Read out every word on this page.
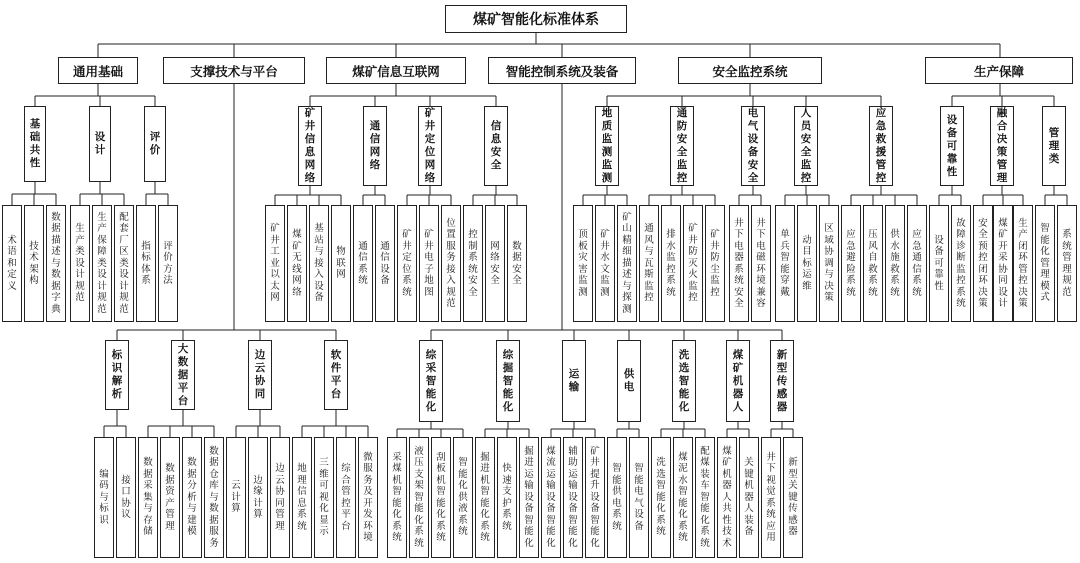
煤矿智能化标准体系
通用基础	支撑技术与平台	煤矿信息互联网	智能控制系统及装备	安全监控系统	生产保障
基础共性
设计
评价
矿井信息网络
通信网络
矿井定位网络
信息安全
地质监测监测
通防安全监控
电气设备安全
人员安全监控
应急救援管控
设备可靠性
融合决策管理
管理类
标识解析
大数据平台
边云协同
软件平台
综采智能化
综掘智能化
运输
供电
洗选智能化
煤矿机器人
新型传感器
术语和定义
技术架构
数据描述与数据字典
生产类设计规范
生产保障类设计规范
配套厂区类设计规范
指标体系
评价方法
矿井工业以太网
煤矿无线网络
基站与接入设备
物联网
通信系统
通信设备
矿井定位系统
矿井电子地图
位置服务接入规范
控制系统安全
网络安全
数据安全
顶板灾害监测
矿井水文监测
矿山精细描述与探测
通风与瓦斯监控
排水监控系统
矿井防灭火监控
矿井防尘监控
井下电器系统安全
井下电磁环境兼容
单兵智能穿戴
动目标运维
区域协调与决策
应急避险系统
压风自救系统
供水施救系统
应急通信系统
设备可靠性
故障诊断监控系统
安全预控闭环决策
煤矿开采协同设计
生产闭环管控决策
智能化管理模式
系统管理规范
编码与标识
接口协议
数据采集与存储
数据资产管理
数据分析与建模
数据仓库与数据服务
云计算
边缘计算
边云协同管理
地理信息系统
三维可视化显示
综合管控平台
微服务及开发环境
采煤机智能化系统
液压支架智能化系统
刮板机智能化系统
智能化供液系统
掘进机智能化系统
快速支护系统
掘进运输设备智能化
煤流运输设备智能化
辅助运输设备智能化
矿井提升设备智能化
智能供电系统
智能电气设备
洗选智能化系统
煤泥水智能化系统
配煤装车智能化系统
煤矿机器人共性技术
关键机器人装备
井下视觉系统应用
新型关键传感器
